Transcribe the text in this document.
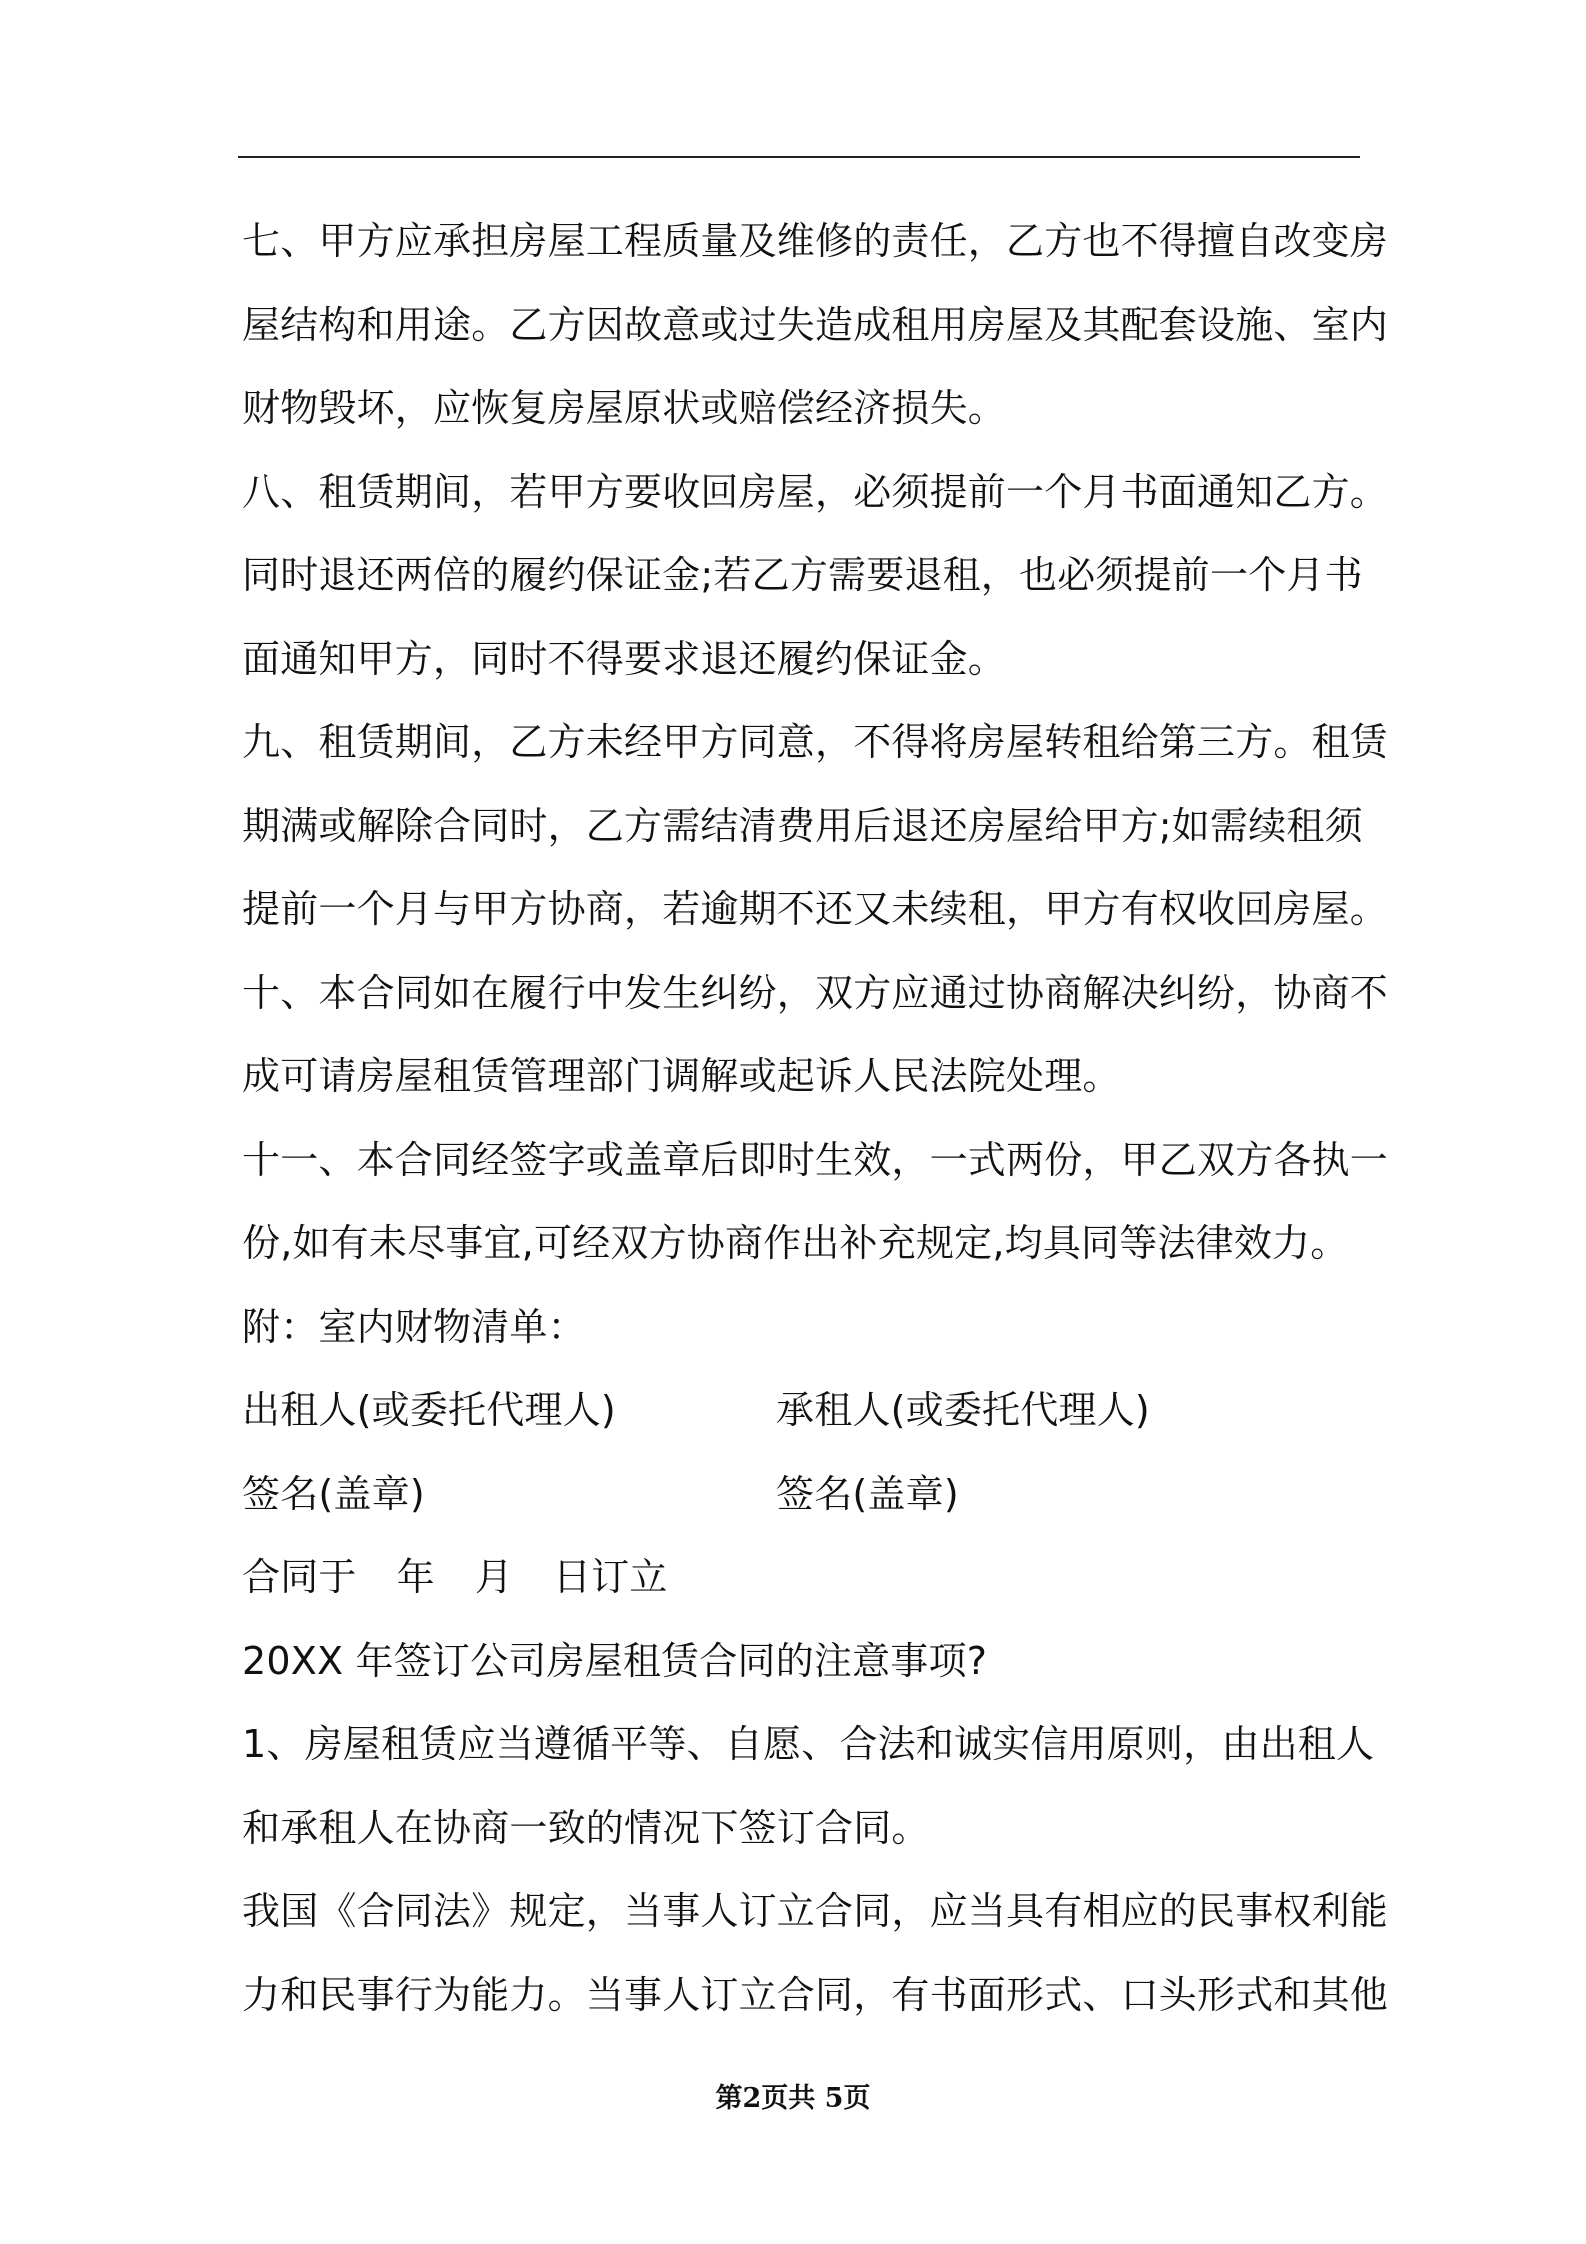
七、甲方应承担房屋工程质量及维修的责任，乙方也不得擅自改变房
屋结构和用途。乙方因故意或过失造成租用房屋及其配套设施、室内
财物毁坏，应恢复房屋原状或赔偿经济损失。
八、租赁期间，若甲方要收回房屋，必须提前一个月书面通知乙方。
同时退还两倍的履约保证金;若乙方需要退租，也必须提前一个月书
面通知甲方，同时不得要求退还履约保证金。
九、租赁期间，乙方未经甲方同意，不得将房屋转租给第三方。租赁
期满或解除合同时，乙方需结清费用后退还房屋给甲方;如需续租须
提前一个月与甲方协商，若逾期不还又未续租，甲方有权收回房屋。
十、本合同如在履行中发生纠纷，双方应通过协商解决纠纷，协商不
成可请房屋租赁管理部门调解或起诉人民法院处理。
十一、本合同经签字或盖章后即时生效，一式两份，甲乙双方各执一
份,如有未尽事宜,可经双方协商作出补充规定,均具同等法律效力。
附：室内财物清单：
出租人(或委托代理人)	承租人(或委托代理人)
签名(盖章)	签名(盖章)
合同于 年 月 日订立
20XX 年签订公司房屋租赁合同的注意事项?
1、房屋租赁应当遵循平等、自愿、合法和诚实信用原则，由出租人
和承租人在协商一致的情况下签订合同。
我国《合同法》规定，当事人订立合同，应当具有相应的民事权利能
力和民事行为能力。当事人订立合同，有书面形式、口头形式和其他
第2页共 5页
